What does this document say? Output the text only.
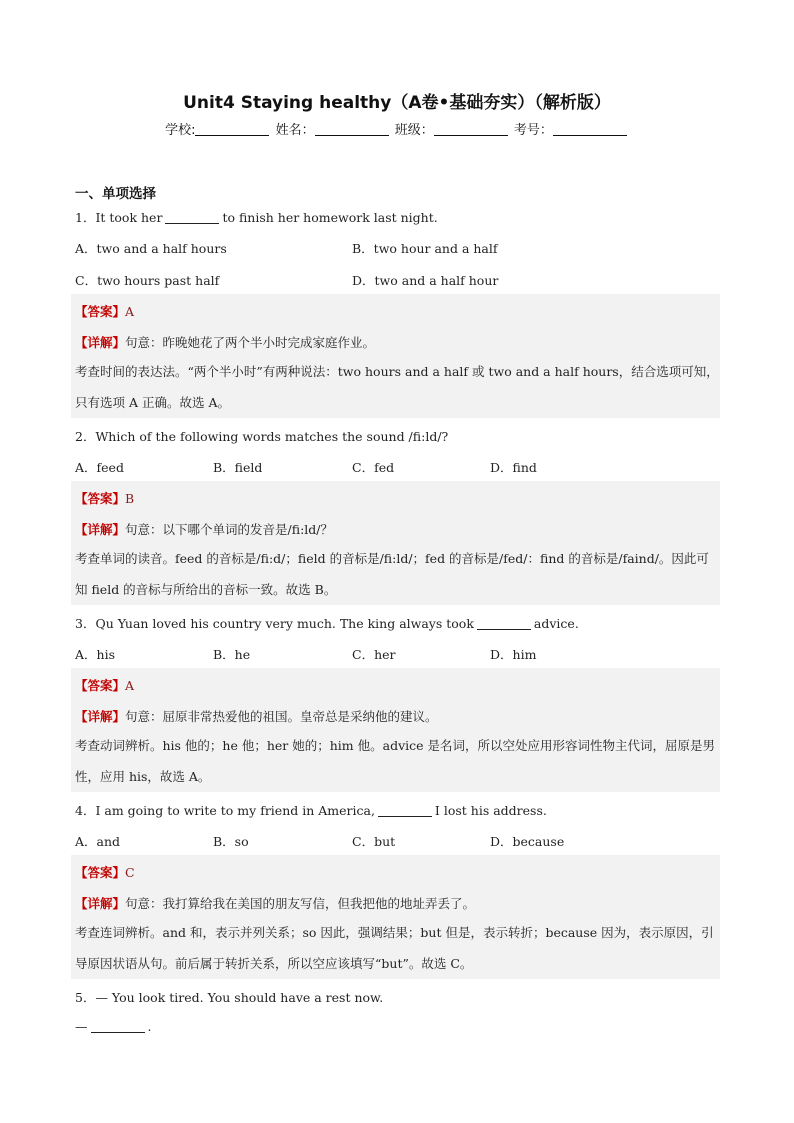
Unit4 Staying healthy（A卷•基础夯实）（解析版）
学校:	姓名：	班级：	考号：
一、单项选择
1．It took her	to finish her homework last night.
A．two and a half hours	B．two hour and a half
C．two hours past half	D．two and a half hour
【答案】A
【详解】句意：昨晚她花了两个半小时完成家庭作业。
考查时间的表达法。“两个半小时”有两种说法：two hours and a half 或 two and a half hours，结合选项可知，只有选项 A 正确。故选 A。
2．Which of the following words matches the sound /fi:ld/?
A．feed	B．field	C．fed	D．find
【答案】B
【详解】句意：以下哪个单词的发音是/fi:ld/？
考查单词的读音。feed 的音标是/fi:d/；field 的音标是/fi:ld/；fed 的音标是/fed/：find 的音标是/faind/。因此可知 field 的音标与所给出的音标一致。故选 B。
3．Qu Yuan loved his country very much. The king always took	advice.
A．his	B．he	C．her	D．him
【答案】A
【详解】句意：屈原非常热爱他的祖国。皇帝总是采纳他的建议。
考查动词辨析。his 他的；he 他；her 她的；him 他。advice 是名词，所以空处应用形容词性物主代词，屈原是男性，应用 his，故选 A。
4．I am going to write to my friend in America,	I lost his address.
A．and	B．so	C．but	D．because
【答案】C
【详解】句意：我打算给我在美国的朋友写信，但我把他的地址弄丢了。
考查连词辨析。and 和，表示并列关系；so 因此，强调结果；but 但是，表示转折；because 因为，表示原因，引导原因状语从句。前后属于转折关系，所以空应该填写“but”。故选 C。
5．— You look tired. You should have a rest now.
—	.
